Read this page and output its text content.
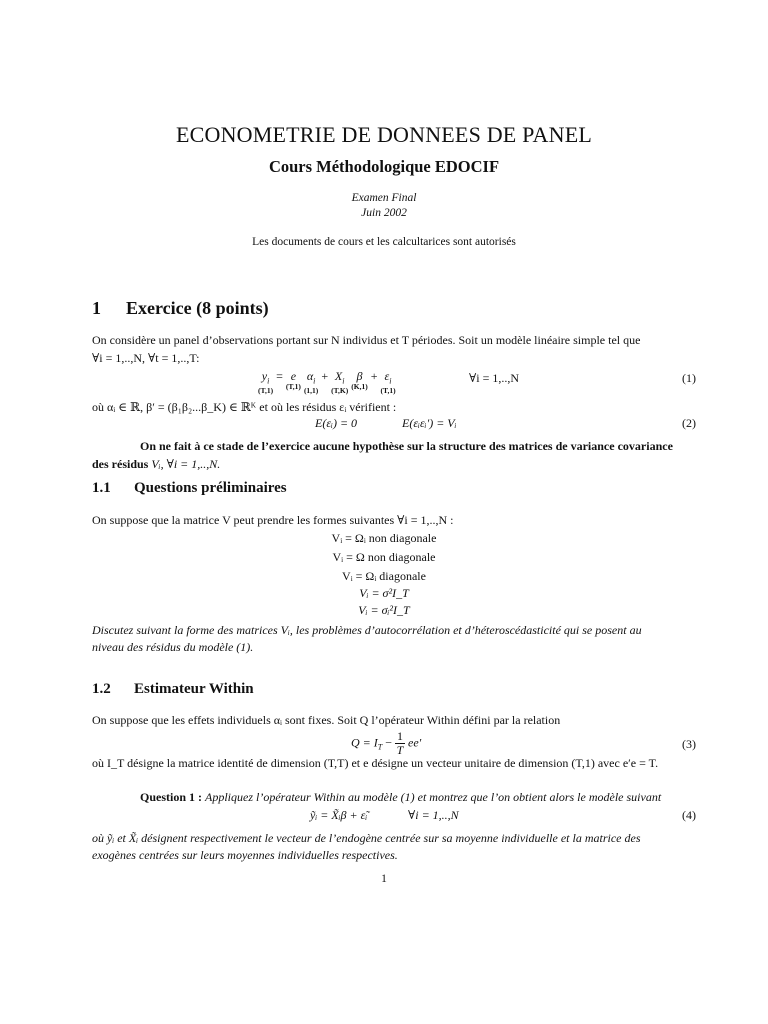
ECONOMETRIE DE DONNEES DE PANEL
Cours Méthodologique EDOCIF
Examen Final
Juin 2002
Les documents de cours et les calcultarices sont autorisés
1 Exercice (8 points)
On considère un panel d’observations portant sur N individus et T périodes. Soit un modèle linéaire simple tel que
∀i = 1,..,N, ∀t = 1,..,T:
$y_i$
(T,1)
= e
(T,1)
$\alpha_i$
(1,1)
+ $X_i$
(T,K)
β
(K,1)
+ $\varepsilon_i$
(T,1)
∀i = 1,..,N	(1)
où αᵢ ∈ ℝ, β′ = (β₁β₂...β_K) ∈ ℝᴷ et où les résidus εᵢ vérifient :
E(εᵢ) = 0	E(εᵢεᵢ′) = Vᵢ	(2)
On ne fait à ce stade de l’exercice aucune hypothèse sur la structure des matrices de variance covariance
des résidus Vᵢ, ∀i = 1,..,N.
1.1 Questions préliminaires
On suppose que la matrice V peut prendre les formes suivantes ∀i = 1,..,N :
Vᵢ = Ωᵢ non diagonale
Vᵢ = Ω non diagonale
Vᵢ = Ωᵢ diagonale
Vᵢ = σ²I_T
Vᵢ = σᵢ²I_T
Discutez suivant la forme des matrices Vᵢ, les problèmes d’autocorrélation et d’héteroscédasticité qui se posent au
niveau des résidus du modèle (1).
1.2 Estimateur Within
On suppose que les effets individuels αᵢ sont fixes. Soit Q l’opérateur Within défini par la relation
$Q = I_T - \frac{1}{T} ee'$	(3)
où I_T désigne la matrice identité de dimension (T,T) et e désigne un vecteur unitaire de dimension (T,1) avec e′e = T.
Question 1 : Appliquez l’opérateur Within au modèle (1) et montrez que l’on obtient alors le modèle suivant
ỹᵢ = X̃ᵢβ + ε̃ᵢ	∀i = 1,..,N	(4)
où ỹᵢ et X̃ᵢ désignent respectivement le vecteur de l’endogène centrée sur sa moyenne individuelle et la matrice des
exogènes centrées sur leurs moyennes individuelles respectives.
1
